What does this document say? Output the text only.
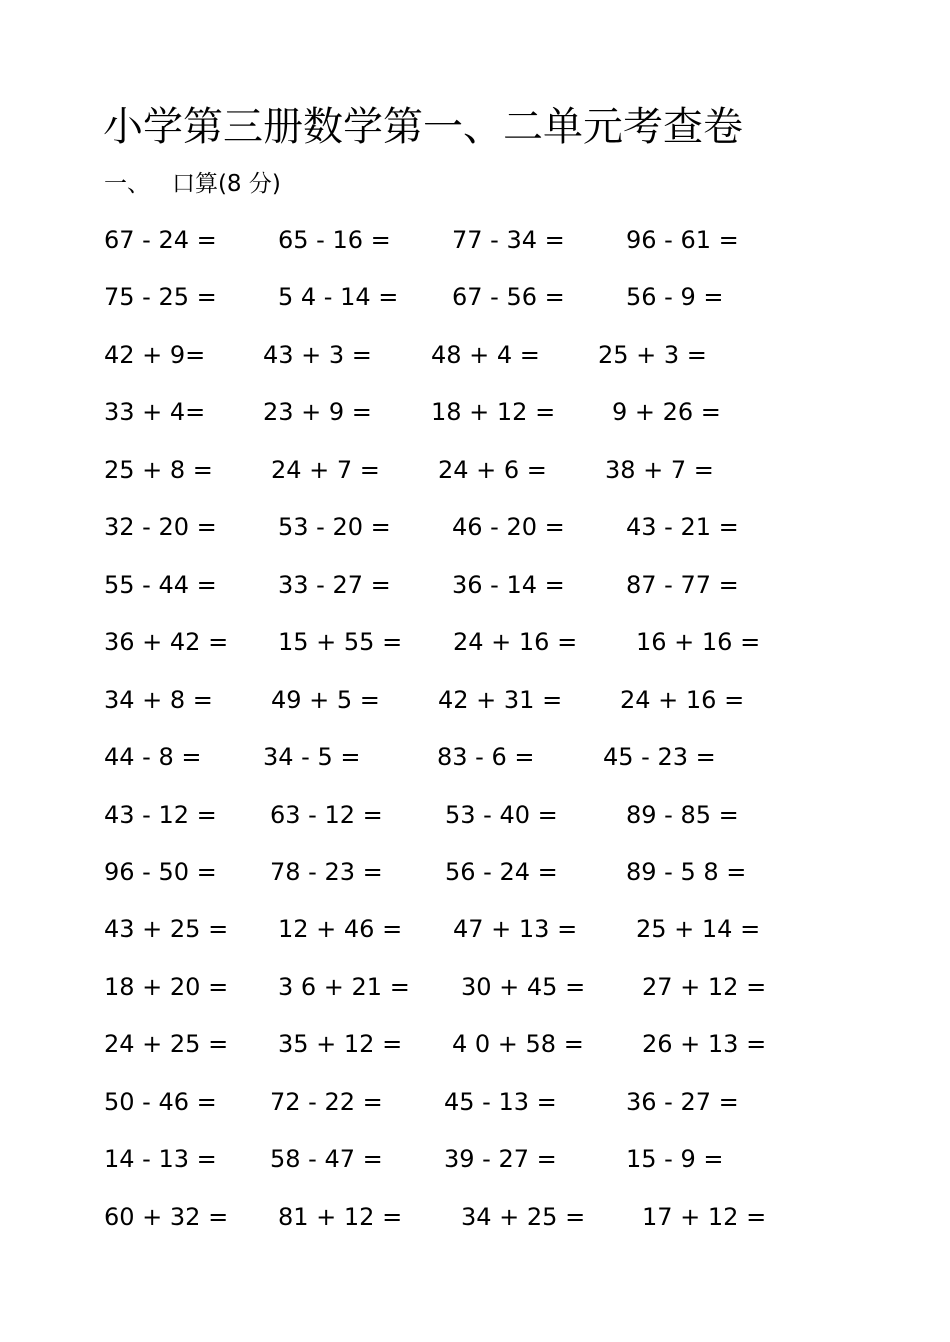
小学第三册数学第一、二单元考查卷
一、 口算(8 分)
67 - 24 =	65 - 16 =	77 - 34 =	96 - 61 =
75 - 25 =	5 4 - 14 = 67 - 56 =	56 - 9 =
42 + 9= 43 + 3 = 48 + 4 = 25 + 3 =
33 + 4= 23 + 9 = 18 + 12 = 9 + 26 =
25 + 8 = 24 + 7 = 24 + 6 = 38 + 7 =
32 - 20 =	53 - 20 =	46 - 20 =	43 - 21 =
55 - 44 =	33 - 27 =	36 - 14 =	87 - 77 =
36 + 42 = 15 + 55 = 24 + 16 = 16 + 16 =
34 + 8 = 49 + 5 = 42 + 31 = 24 + 16 =
44 - 8 =	34 - 5 =	83 - 6 =	45 - 23 =
43 - 12 = 63 - 12 =	53 - 40 =	89 - 85 =
96 - 50 = 78 - 23 =	56 - 24 =	89 - 5 8 =
43 + 25 = 12 + 46 = 47 + 13 = 25 + 14 =
18 + 20 = 3 6 + 21 = 30 + 45 = 27 + 12 =
24 + 25 = 35 + 12 = 4 0 + 58 = 26 + 13 =
50 - 46 = 72 - 22 =	45 - 13 =	36 - 27 =
14 - 13 = 58 - 47 =	39 - 27 =	15 - 9 =
60 + 32 = 81 + 12 = 34 + 25 = 17 + 12 =
